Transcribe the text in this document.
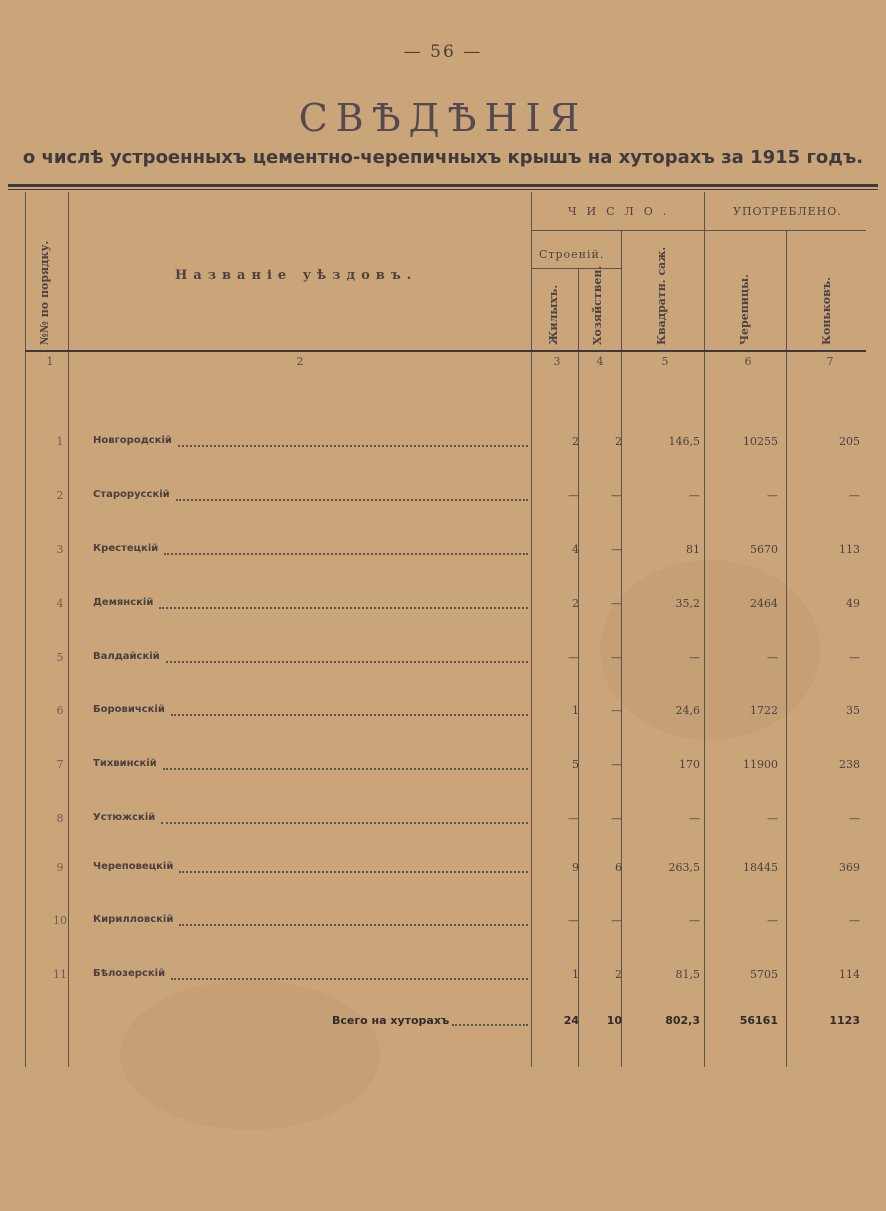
— 56 —
СВѢДѢНІЯ
о числѣ устроенныхъ цементно-черепичныхъ крышъ на хуторахъ за 1915 годъ.
№№ по порядку.	Названіе уѣздовъ.
ЧИСЛО.	УПОТРЕБЛЕНО.
Строеній.
Жилыхъ.	Хозяйствен.	Квадратн. саж.	Черепицы.	Коньковъ.
1	2	3	4	5	6	7
1	Новгородскій	2	2	146,5	10255	205
2	Старорусскій	—	—	—	—	—
3	Крестецкій	4	—	81	5670	113
4	Демянскій	2	—	35,2	2464	49
5	Валдайскій	—	—	—	—	—
6	Боровичскій	1	—	24,6	1722	35
7	Тихвинскій	5	—	170	11900	238
8	Устюжскій	—	—	—	—	—
9	Череповецкій	9	6	263,5	18445	369
10	Кирилловскій	—	—	—	—	—
11	Бѣлозерскій	1	2	81,5	5705	114
Всего на хуторахъ	24	10	802,3	56161	1123
